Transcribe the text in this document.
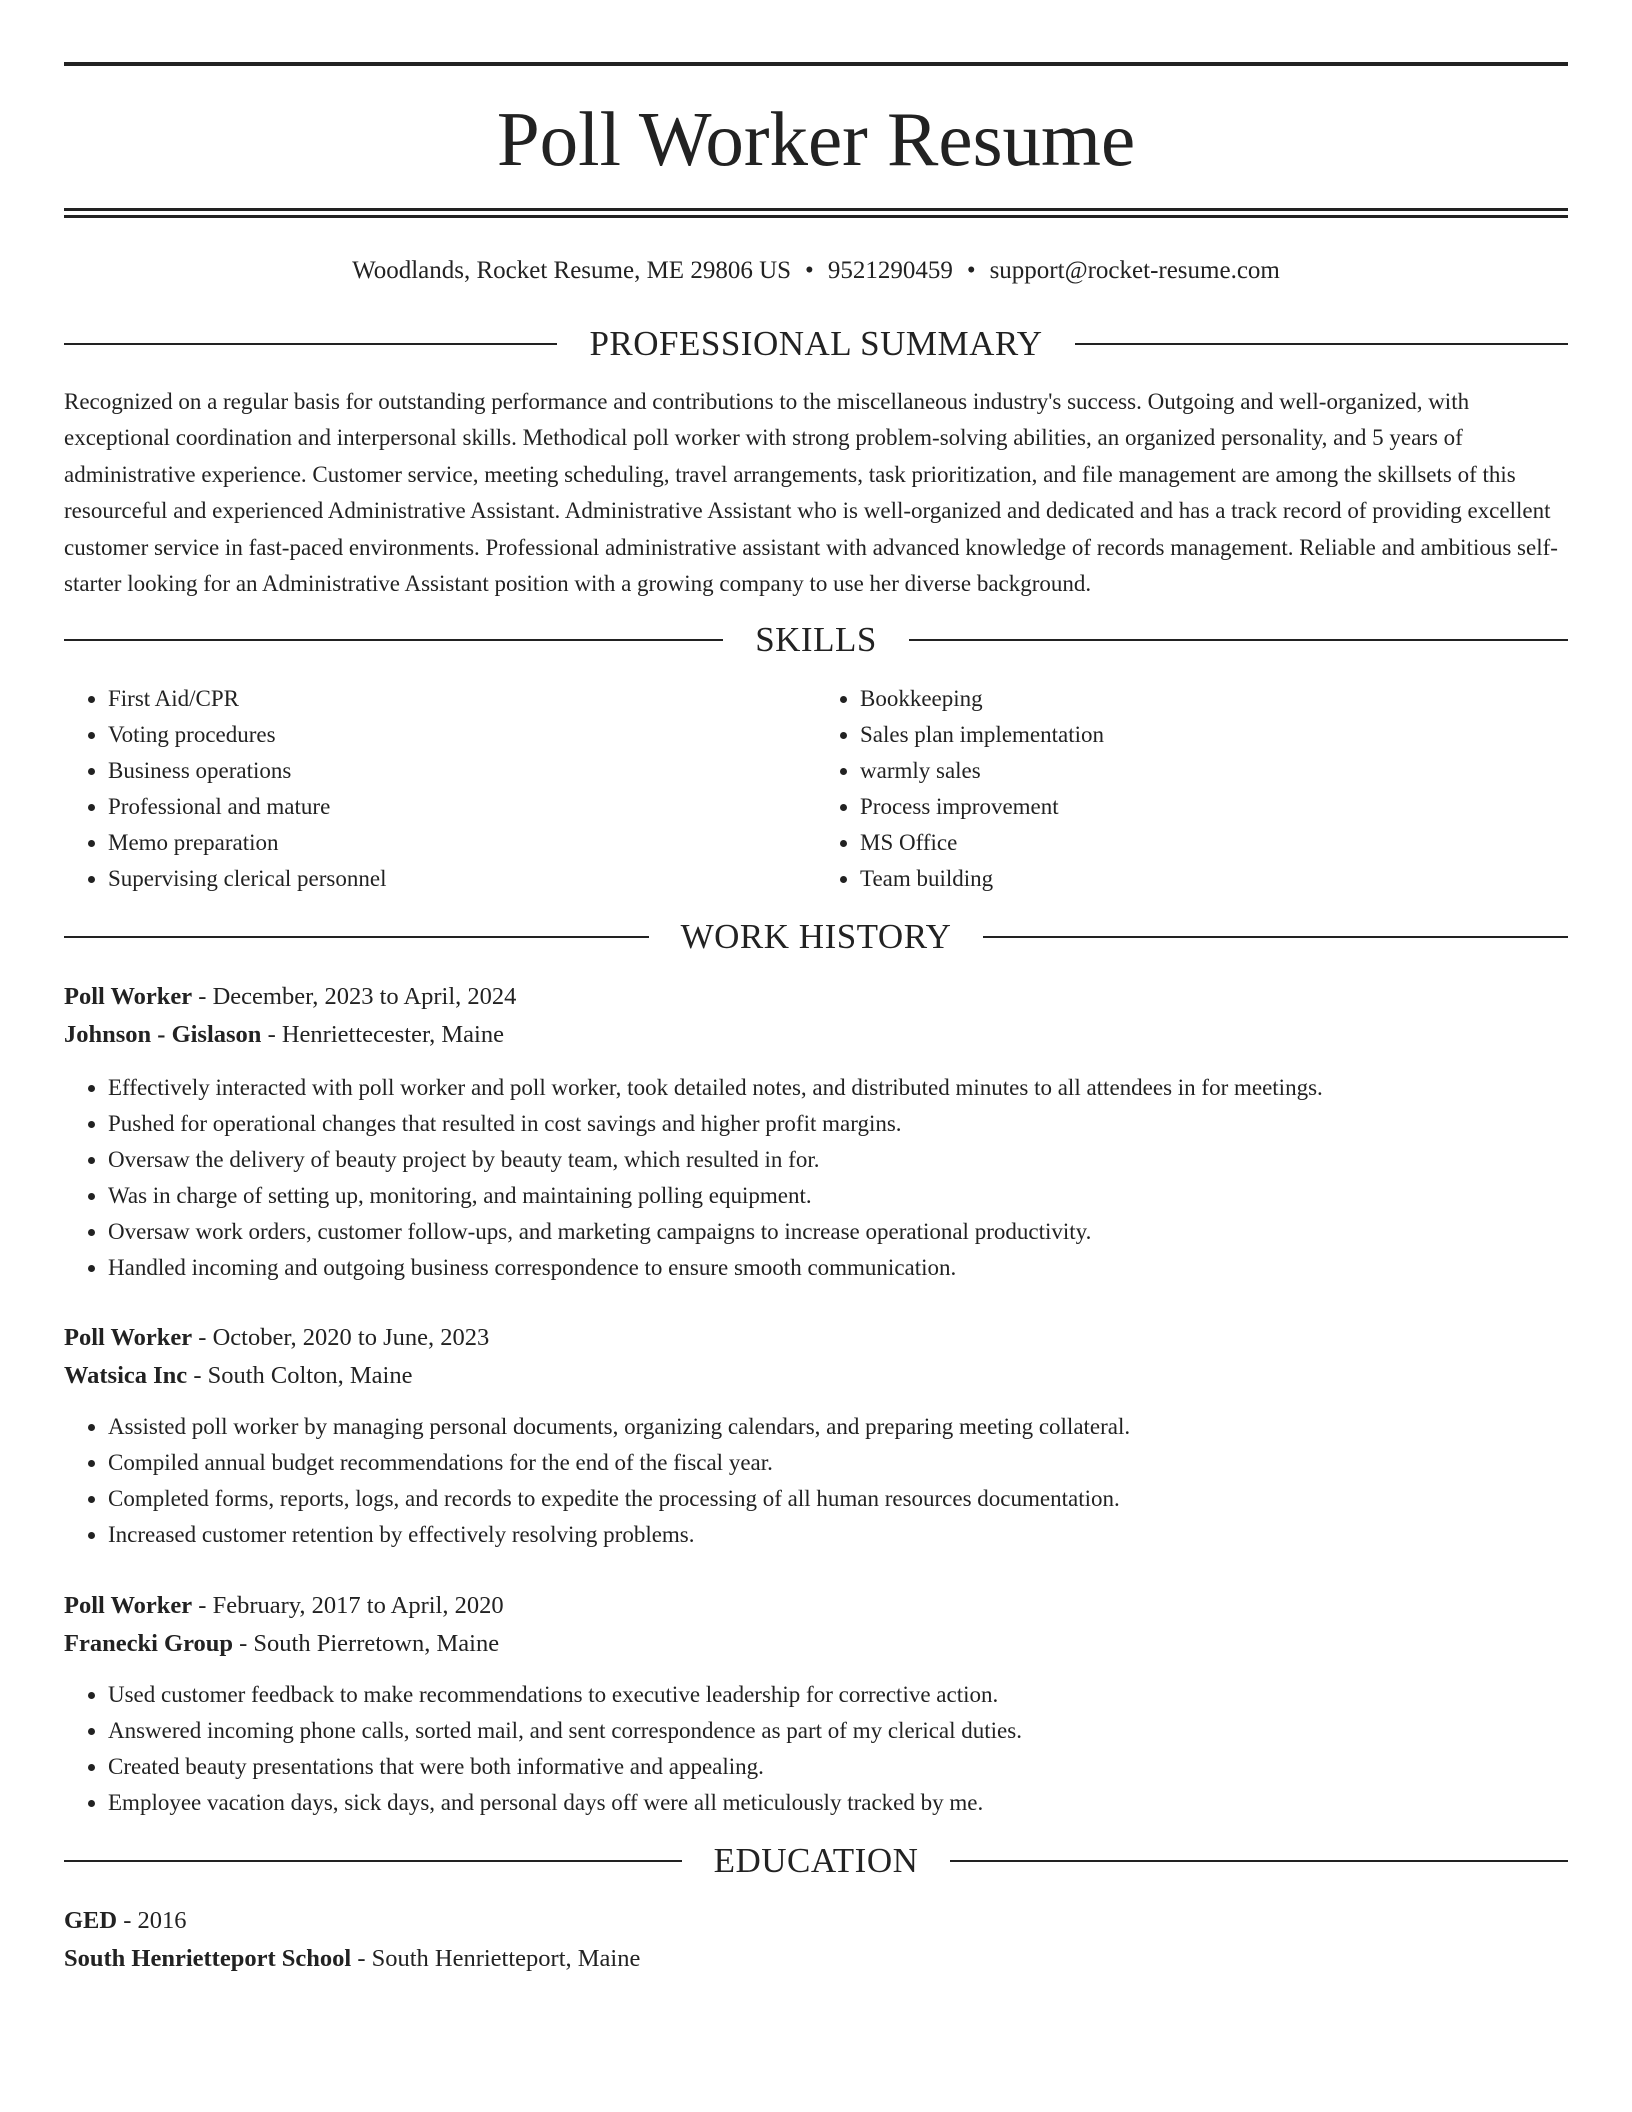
Poll Worker Resume
Woodlands, Rocket Resume, ME 29806 US • 9521290459 • support@rocket-resume.com
PROFESSIONAL SUMMARY

Recognized on a regular basis for outstanding performance and contributions to the miscellaneous industry's success. Outgoing and well-organized, with exceptional coordination and interpersonal skills. Methodical poll worker with strong problem-solving abilities, an organized personality, and 5 years of administrative experience. Customer service, meeting scheduling, travel arrangements, task prioritization, and file management are among the skillsets of this resourceful and experienced Administrative Assistant. Administrative Assistant who is well-organized and dedicated and has a track record of providing excellent customer service in fast-paced environments. Professional administrative assistant with advanced knowledge of records management. Reliable and ambitious self-starter looking for an Administrative Assistant position with a growing company to use her diverse background.

SKILLS
• First Aid/CPR
• Voting procedures
• Business operations
• Professional and mature
• Memo preparation
• Supervising clerical personnel
• Bookkeeping
• Sales plan implementation
• warmly sales
• Process improvement
• MS Office
• Team building
WORK HISTORY
Poll Worker - December, 2023 to April, 2024
Johnson - Gislason - Henriettecester, Maine
• Effectively interacted with poll worker and poll worker, took detailed notes, and distributed minutes to all attendees in for meetings.
• Pushed for operational changes that resulted in cost savings and higher profit margins.
• Oversaw the delivery of beauty project by beauty team, which resulted in for.
• Was in charge of setting up, monitoring, and maintaining polling equipment.
• Oversaw work orders, customer follow-ups, and marketing campaigns to increase operational productivity.
• Handled incoming and outgoing business correspondence to ensure smooth communication.
Poll Worker - October, 2020 to June, 2023
Watsica Inc - South Colton, Maine
• Assisted poll worker by managing personal documents, organizing calendars, and preparing meeting collateral.
• Compiled annual budget recommendations for the end of the fiscal year.
• Completed forms, reports, logs, and records to expedite the processing of all human resources documentation.
• Increased customer retention by effectively resolving problems.
Poll Worker - February, 2017 to April, 2020
Franecki Group - South Pierretown, Maine
• Used customer feedback to make recommendations to executive leadership for corrective action.
• Answered incoming phone calls, sorted mail, and sent correspondence as part of my clerical duties.
• Created beauty presentations that were both informative and appealing.
• Employee vacation days, sick days, and personal days off were all meticulously tracked by me.
EDUCATION
GED - 2016
South Henrietteport School - South Henrietteport, Maine
